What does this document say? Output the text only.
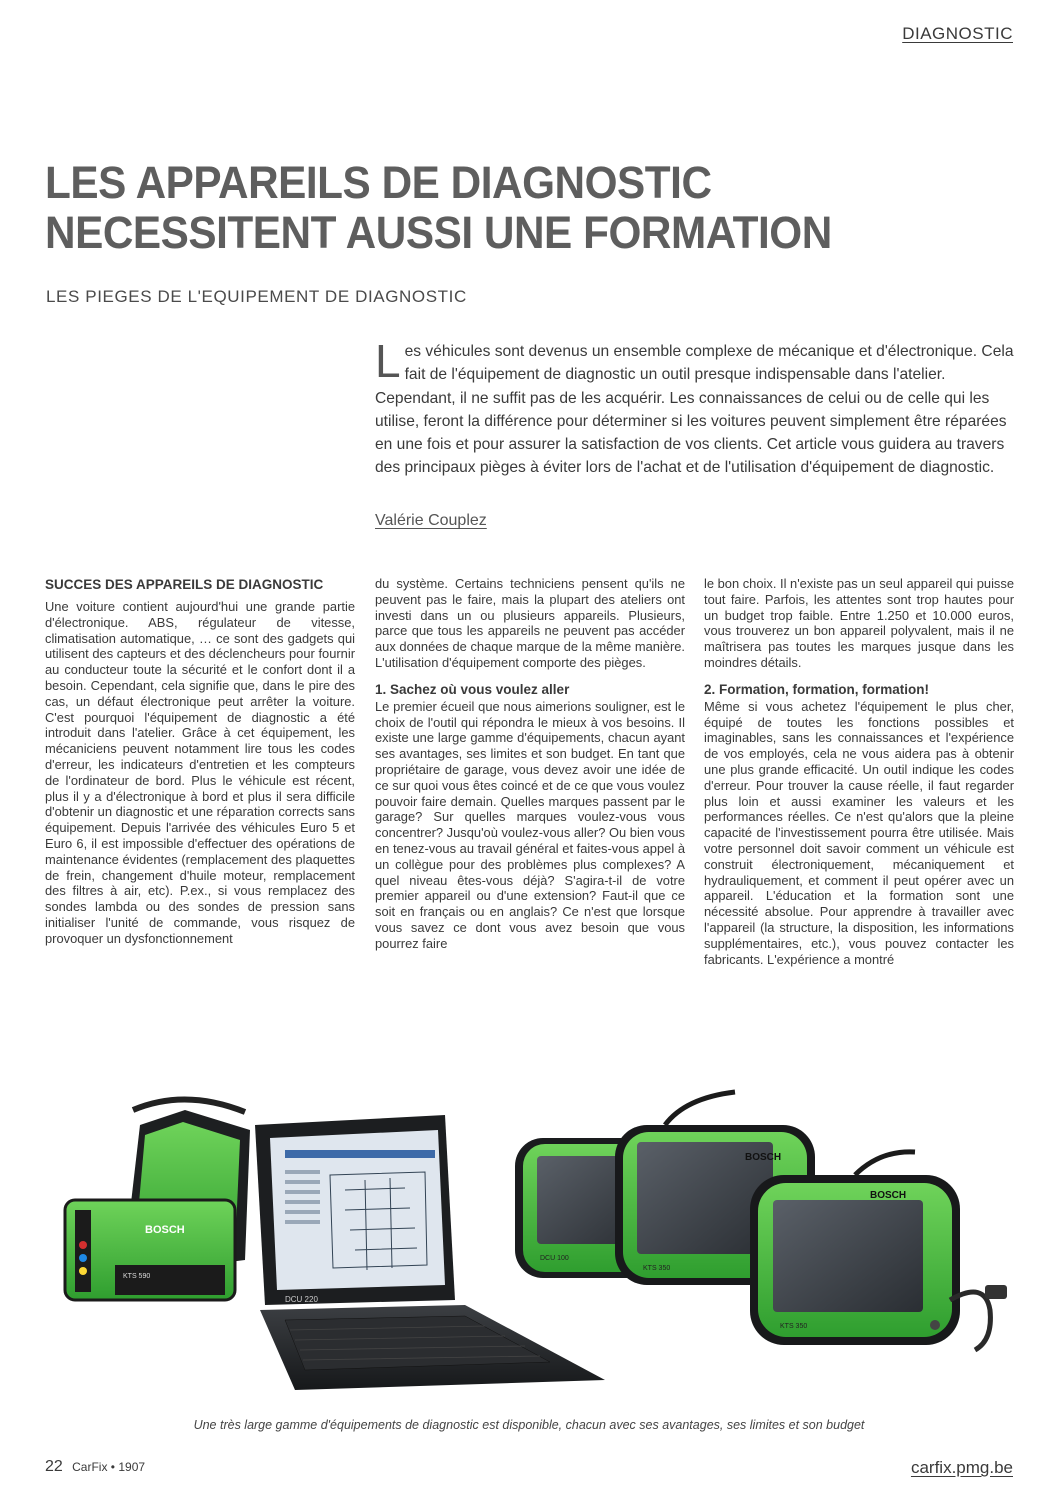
DIAGNOSTIC
LES APPAREILS DE DIAGNOSTIC
NECESSITENT AUSSI UNE FORMATION
LES PIEGES DE L'EQUIPEMENT DE DIAGNOSTIC
L es véhicules sont devenus un ensemble complexe de mécanique et d'électronique. Cela fait de l'équipement de diagnostic un outil presque indispensable dans l'atelier. Cependant, il ne suffit pas de les acquérir. Les connaissances de celui ou de celle qui les utilise, feront la différence pour déterminer si les voitures peuvent simplement être réparées en une fois et pour assurer la satisfaction de vos clients. Cet article vous guidera au travers des principaux pièges à éviter lors de l'achat et de l'utilisation d'équipement de diagnostic.

Valérie Couplez
SUCCES DES APPAREILS DE DIAGNOSTIC

Une voiture contient aujourd'hui une grande partie d'électronique. ABS, régulateur de vitesse, climatisation automatique, … ce sont des gadgets qui utilisent des capteurs et des déclencheurs pour fournir au conducteur toute la sécurité et le confort dont il a besoin. Cependant, cela signifie que, dans le pire des cas, un défaut électronique peut arrêter la voiture. C'est pourquoi l'équipement de diagnostic a été introduit dans l'atelier. Grâce à cet équipement, les mécaniciens peuvent notamment lire tous les codes d'erreur, les indicateurs d'entretien et les compteurs de l'ordinateur de bord. Plus le véhicule est récent, plus il y a d'électronique à bord et plus il sera difficile d'obtenir un diagnostic et une réparation corrects sans équipement. Depuis l'arrivée des véhicules Euro 5 et Euro 6, il est impossible d'effectuer des opérations de maintenance évidentes (remplacement des plaquettes de frein, changement d'huile moteur, remplacement des filtres à air, etc). P.ex., si vous remplacez des sondes lambda ou des sondes de pression sans initialiser l'unité de commande, vous risquez de provoquer un dysfonctionnement

du système. Certains techniciens pensent qu'ils ne peuvent pas le faire, mais la plupart des ateliers ont investi dans un ou plusieurs appareils. Plusieurs, parce que tous les appareils ne peuvent pas accéder aux données de chaque marque de la même manière. L'utilisation d'équipement comporte des pièges.

1. Sachez où vous voulez aller

Le premier écueil que nous aimerions souligner, est le choix de l'outil qui répondra le mieux à vos besoins. Il existe une large gamme d'équipements, chacun ayant ses avantages, ses limites et son budget. En tant que propriétaire de garage, vous devez avoir une idée de ce sur quoi vous êtes coincé et de ce que vous voulez pouvoir faire demain. Quelles marques passent par le garage? Sur quelles marques voulez-vous vous concentrer? Jusqu'où voulez-vous aller? Ou bien vous en tenez-vous au travail général et faites-vous appel à un collègue pour des problèmes plus complexes? A quel niveau êtes-vous déjà? S'agira-t-il de votre premier appareil ou d'une extension? Faut-il que ce soit en français ou en anglais? Ce n'est que lorsque vous savez ce dont vous avez besoin que vous pourrez faire

le bon choix. Il n'existe pas un seul appareil qui puisse tout faire. Parfois, les attentes sont trop hautes pour un budget trop faible. Entre 1.250 et 10.000 euros, vous trouverez un bon appareil polyvalent, mais il ne maîtrisera pas toutes les marques jusque dans les moindres détails.

2. Formation, formation, formation!

Même si vous achetez l'équipement le plus cher, équipé de toutes les fonctions possibles et imaginables, sans les connaissances et l'expérience de vos employés, cela ne vous aidera pas à obtenir une plus grande efficacité. Un outil indique les codes d'erreur. Pour trouver la cause réelle, il faut regarder plus loin et aussi examiner les valeurs et les performances réelles. Ce n'est qu'alors que la pleine capacité de l'investissement pourra être utilisée. Mais votre personnel doit savoir comment un véhicule est construit électroniquement, mécaniquement et hydrauliquement, et comment il peut opérer avec un appareil. L'éducation et la formation sont une nécessité absolue. Pour apprendre à travailler avec l'appareil (la structure, la disposition, les informations supplémentaires, etc.), vous pouvez contacter les fabricants. L'expérience a montré

BOSCH
KTS 590
DCU 220
DCU 100
BOSCH
KTS 350
BOSCH
KTS 350
Une très large gamme d'équipements de diagnostic est disponible, chacun avec ses avantages, ses limites et son budget
22 CarFix • 1907	carfix.pmg.be
